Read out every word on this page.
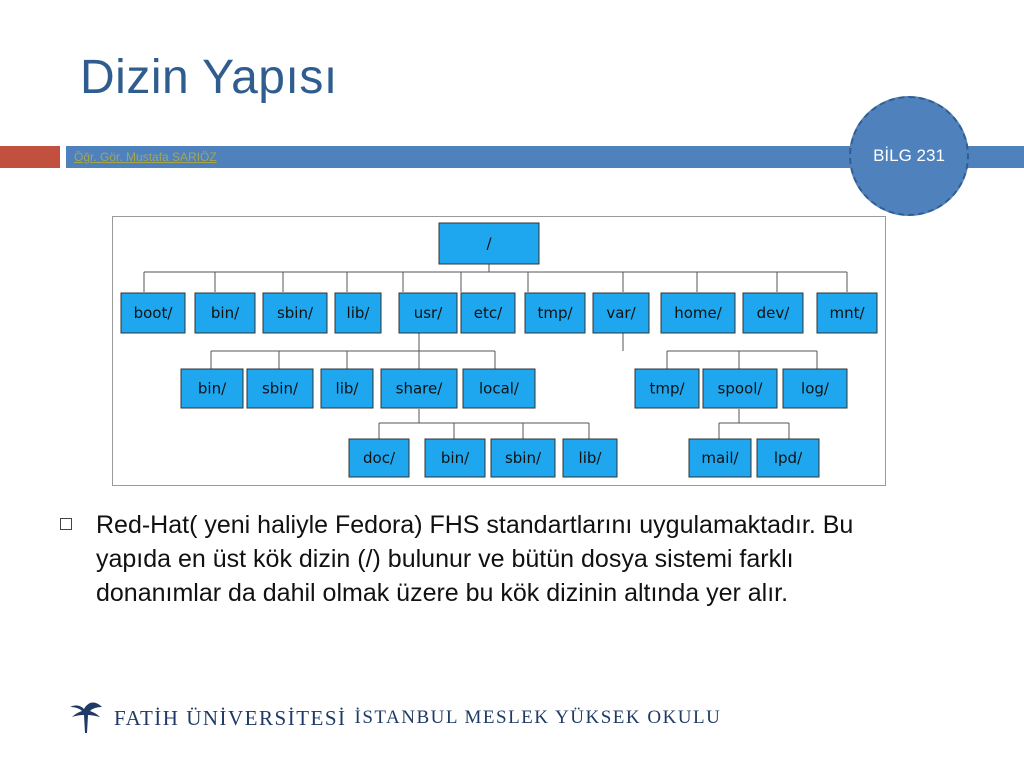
Dizin Yapısı
Öğr. Gör. Mustafa SARIÖZ	BİLG 231
/
boot/	bin/	sbin/ lib/	usr/ etc/ tmp/ var/	home/ dev/	mnt/
bin/ sbin/	lib/ share/ local/	tmp/ spool/	log/
doc/	bin/ sbin/	lib/	mail/ lpd/
Red-Hat( yeni haliyle Fedora) FHS standartlarını uygulamaktadır. Bu yapıda en üst kök dizin (/) bulunur ve bütün dosya sistemi farklı donanımlar da dahil olmak üzere bu kök dizinin altında yer alır.
FATİH ÜNİVERSİTESİ İSTANBUL MESLEK YÜKSEK OKULU
